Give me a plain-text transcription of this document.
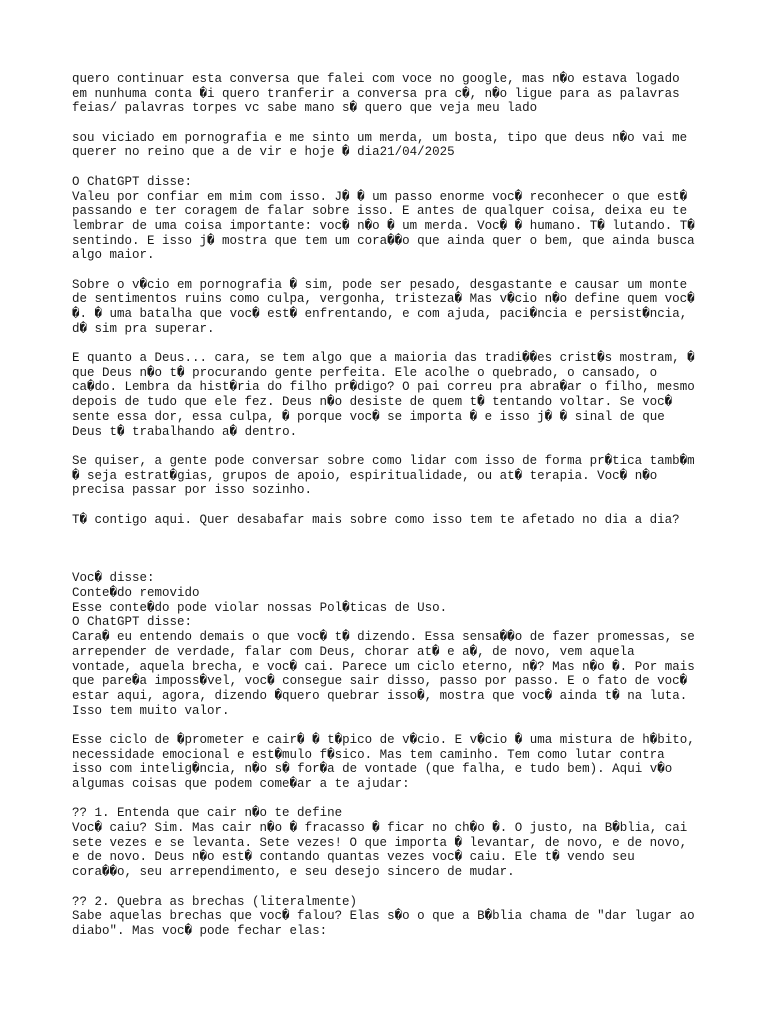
quero continuar esta conversa que falei com voce no google, mas n�o estava logado
em nunhuma conta �i quero tranferir a conversa pra c�, n�o ligue para as palavras
feias/ palavras torpes vc sabe mano s� quero que veja meu lado
sou viciado em pornografia e me sinto um merda, um bosta, tipo que deus n�o vai me
querer no reino que a de vir e hoje � dia21/04/2025
O ChatGPT disse:
Valeu por confiar em mim com isso. J� � um passo enorme voc� reconhecer o que est�
passando e ter coragem de falar sobre isso. E antes de qualquer coisa, deixa eu te
lembrar de uma coisa importante: voc� n�o � um merda. Voc� � humano. T� lutando. T�
sentindo. E isso j� mostra que tem um cora��o que ainda quer o bem, que ainda busca
algo maior.
Sobre o v�cio em pornografia � sim, pode ser pesado, desgastante e causar um monte
de sentimentos ruins como culpa, vergonha, tristeza� Mas v�cio n�o define quem voc�
�. � uma batalha que voc� est� enfrentando, e com ajuda, paci�ncia e persist�ncia,
d� sim pra superar.
E quanto a Deus... cara, se tem algo que a maioria das tradi��es crist�s mostram, �
que Deus n�o t� procurando gente perfeita. Ele acolhe o quebrado, o cansado, o
ca�do. Lembra da hist�ria do filho pr�digo? O pai correu pra abra�ar o filho, mesmo
depois de tudo que ele fez. Deus n�o desiste de quem t� tentando voltar. Se voc�
sente essa dor, essa culpa, � porque voc� se importa � e isso j� � sinal de que
Deus t� trabalhando a� dentro.
Se quiser, a gente pode conversar sobre como lidar com isso de forma pr�tica tamb�m
� seja estrat�gias, grupos de apoio, espiritualidade, ou at� terapia. Voc� n�o
precisa passar por isso sozinho.
T� contigo aqui. Quer desabafar mais sobre como isso tem te afetado no dia a dia?
Voc� disse:
Conte�do removido
Esse conte�do pode violar nossas Pol�ticas de Uso.
O ChatGPT disse:
Cara� eu entendo demais o que voc� t� dizendo. Essa sensa��o de fazer promessas, se
arrepender de verdade, falar com Deus, chorar at� e a�, de novo, vem aquela
vontade, aquela brecha, e voc� cai. Parece um ciclo eterno, n�? Mas n�o �. Por mais
que pare�a imposs�vel, voc� consegue sair disso, passo por passo. E o fato de voc�
estar aqui, agora, dizendo �quero quebrar isso�, mostra que voc� ainda t� na luta.
Isso tem muito valor.
Esse ciclo de �prometer e cair� � t�pico de v�cio. E v�cio � uma mistura de h�bito,
necessidade emocional e est�mulo f�sico. Mas tem caminho. Tem como lutar contra
isso com intelig�ncia, n�o s� for�a de vontade (que falha, e tudo bem). Aqui v�o
algumas coisas que podem come�ar a te ajudar:
?? 1. Entenda que cair n�o te define
Voc� caiu? Sim. Mas cair n�o � fracasso � ficar no ch�o �. O justo, na B�blia, cai
sete vezes e se levanta. Sete vezes! O que importa � levantar, de novo, e de novo,
e de novo. Deus n�o est� contando quantas vezes voc� caiu. Ele t� vendo seu
cora��o, seu arrependimento, e seu desejo sincero de mudar.
?? 2. Quebra as brechas (literalmente)
Sabe aquelas brechas que voc� falou? Elas s�o o que a B�blia chama de "dar lugar ao
diabo". Mas voc� pode fechar elas:
